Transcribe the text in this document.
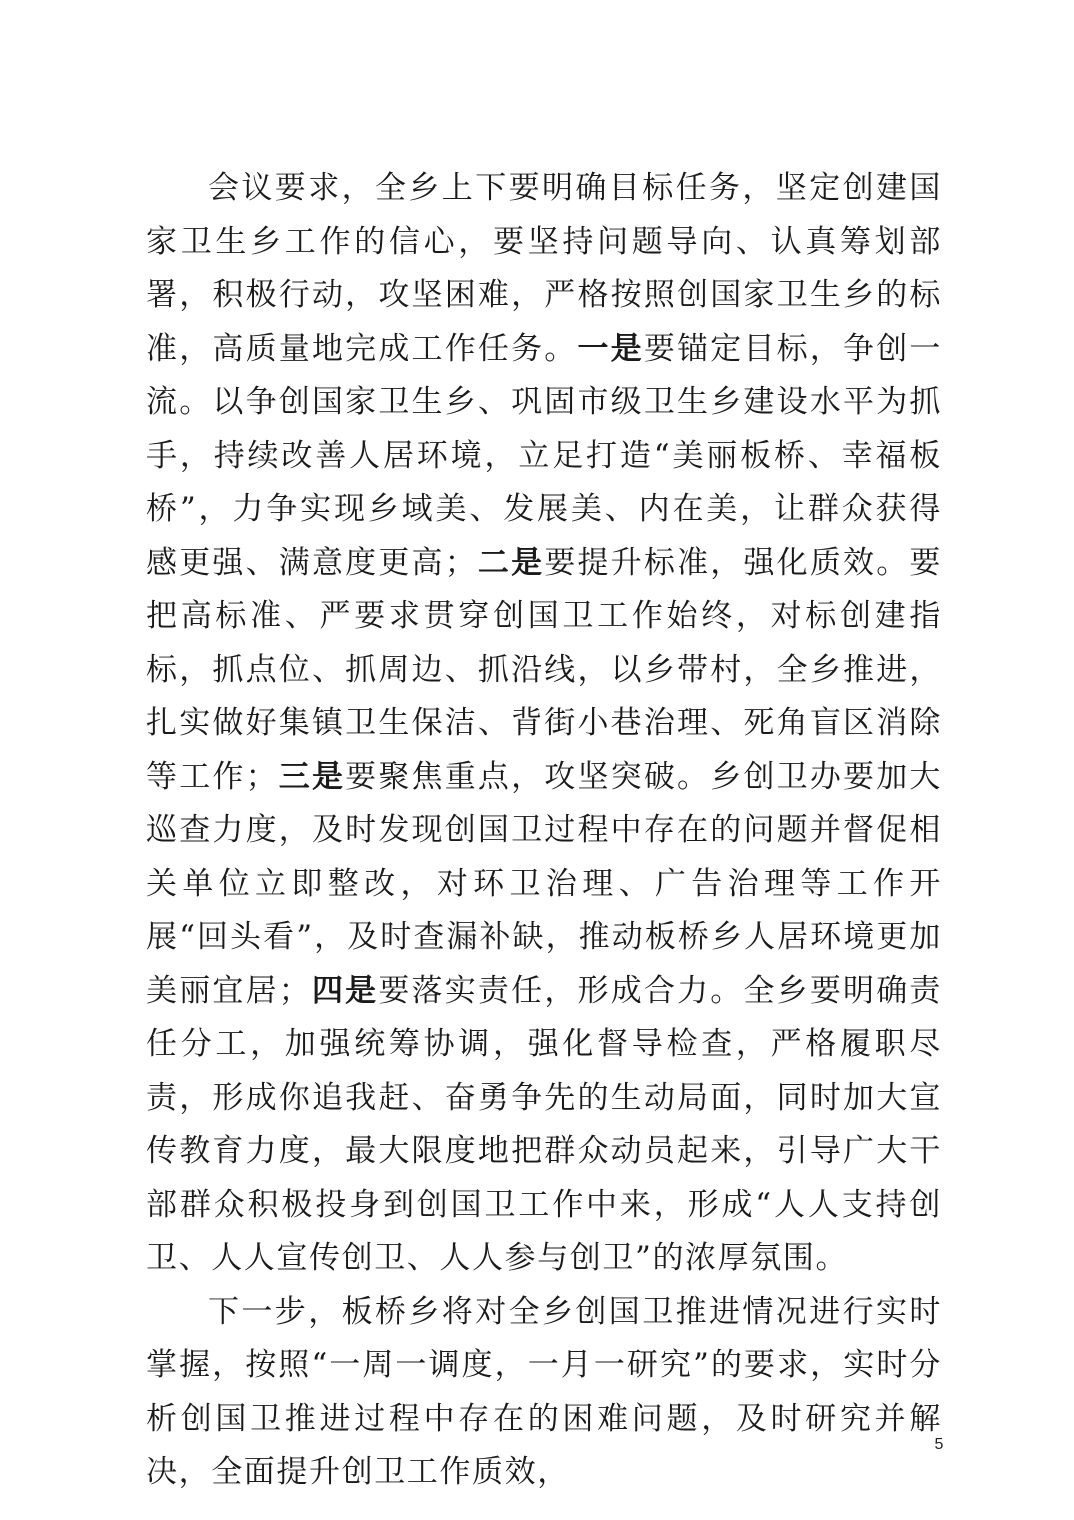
会议要求，全乡上下要明确目标任务，坚定创建国家卫生乡工作的信心，要坚持问题导向、认真筹划部署，积极行动，攻坚困难，严格按照创国家卫生乡的标准，高质量地完成工作任务。一是要锚定目标，争创一流。以争创国家卫生乡、巩固市级卫生乡建设水平为抓手，持续改善人居环境，立足打造“美丽板桥、幸福板桥”，力争实现乡域美、发展美、内在美，让群众获得感更强、满意度更高；二是要提升标准，强化质效。要把高标准、严要求贯穿创国卫工作始终，对标创建指标，抓点位、抓周边、抓沿线，以乡带村，全乡推进，扎实做好集镇卫生保洁、背街小巷治理、死角盲区消除等工作；三是要聚焦重点，攻坚突破。乡创卫办要加大巡查力度，及时发现创国卫过程中存在的问题并督促相关单位立即整改，对环卫治理、广告治理等工作开展“回头看”，及时查漏补缺，推动板桥乡人居环境更加美丽宜居；四是要落实责任，形成合力。全乡要明确责任分工，加强统筹协调，强化督导检查，严格履职尽责，形成你追我赶、奋勇争先的生动局面，同时加大宣传教育力度，最大限度地把群众动员起来，引导广大干部群众积极投身到创国卫工作中来，形成“人人支持创卫、人人宣传创卫、人人参与创卫”的浓厚氛围。

下一步，板桥乡将对全乡创国卫推进情况进行实时掌握，按照“一周一调度，一月一研究”的要求，实时分析创国卫推进过程中存在的困难问题，及时研究并解决，全面提升创卫工作质效，

5
